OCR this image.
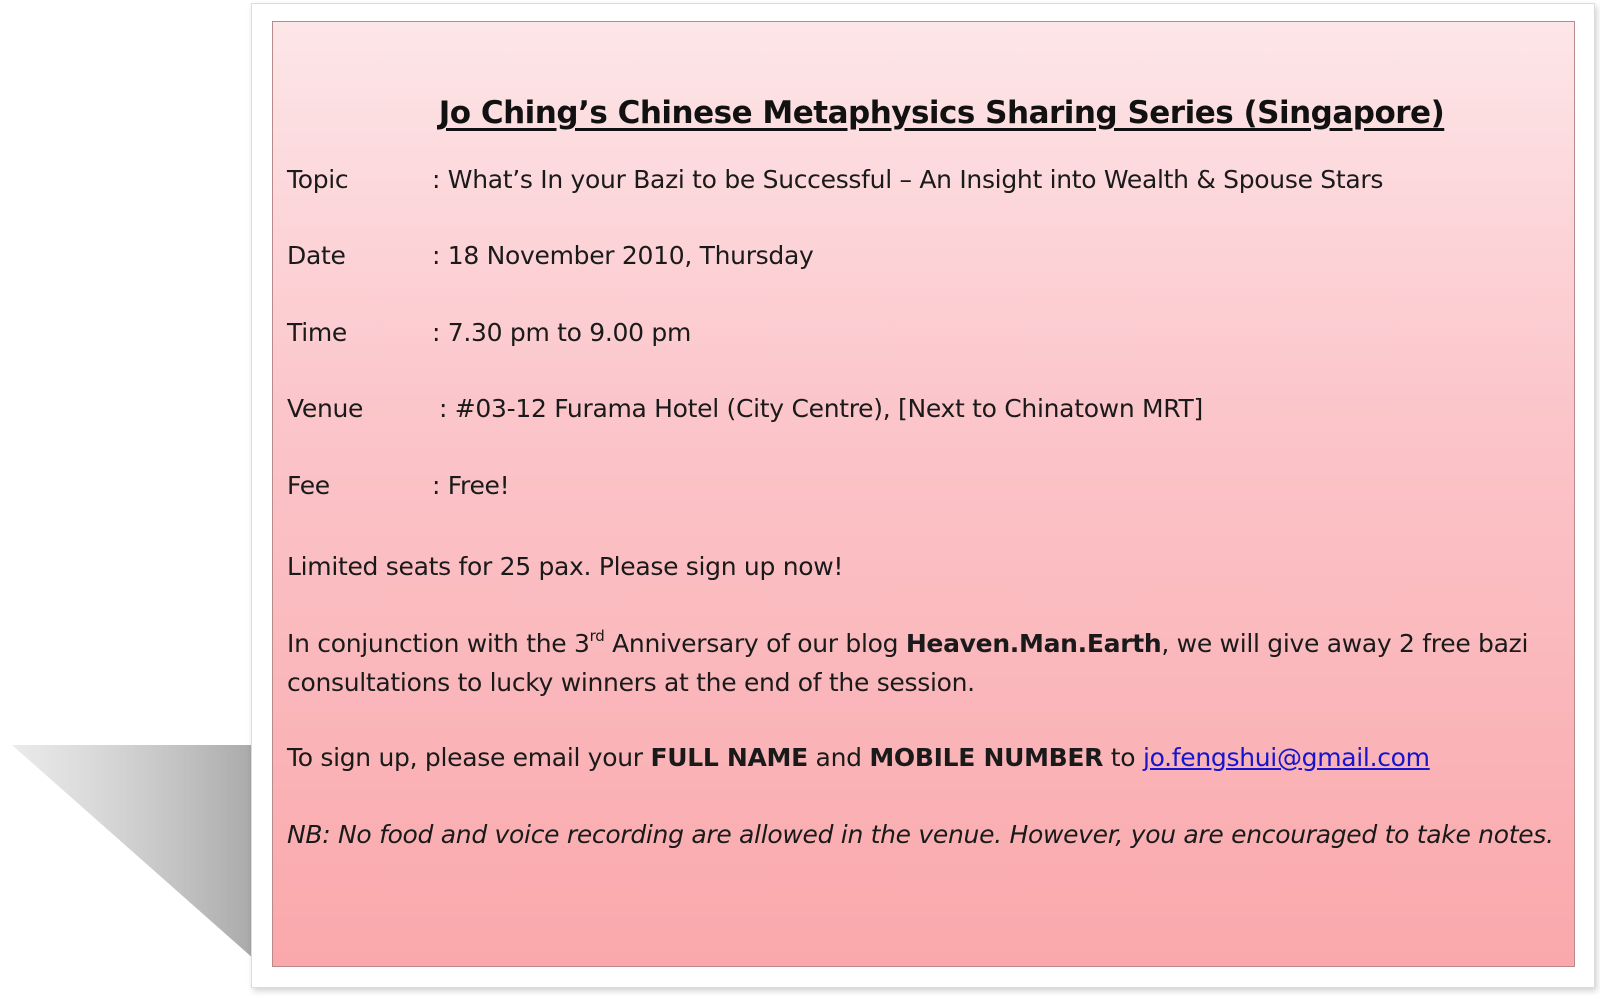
Jo Ching’s Chinese Metaphysics Sharing Series (Singapore)
Topic	: What’s In your Bazi to be Successful – An Insight into Wealth & Spouse Stars
Date	: 18 November 2010, Thursday
Time	: 7.30 pm to 9.00 pm
Venue	: #03-12 Furama Hotel (City Centre), [Next to Chinatown MRT]
Fee	: Free!
Limited seats for 25 pax. Please sign up now!
In conjunction with the 3rd Anniversary of our blog Heaven.Man.Earth, we will give away 2 free bazi consultations to lucky winners at the end of the session.
To sign up, please email your FULL NAME and MOBILE NUMBER to jo.fengshui@gmail.com
NB: No food and voice recording are allowed in the venue. However, you are encouraged to take notes.
